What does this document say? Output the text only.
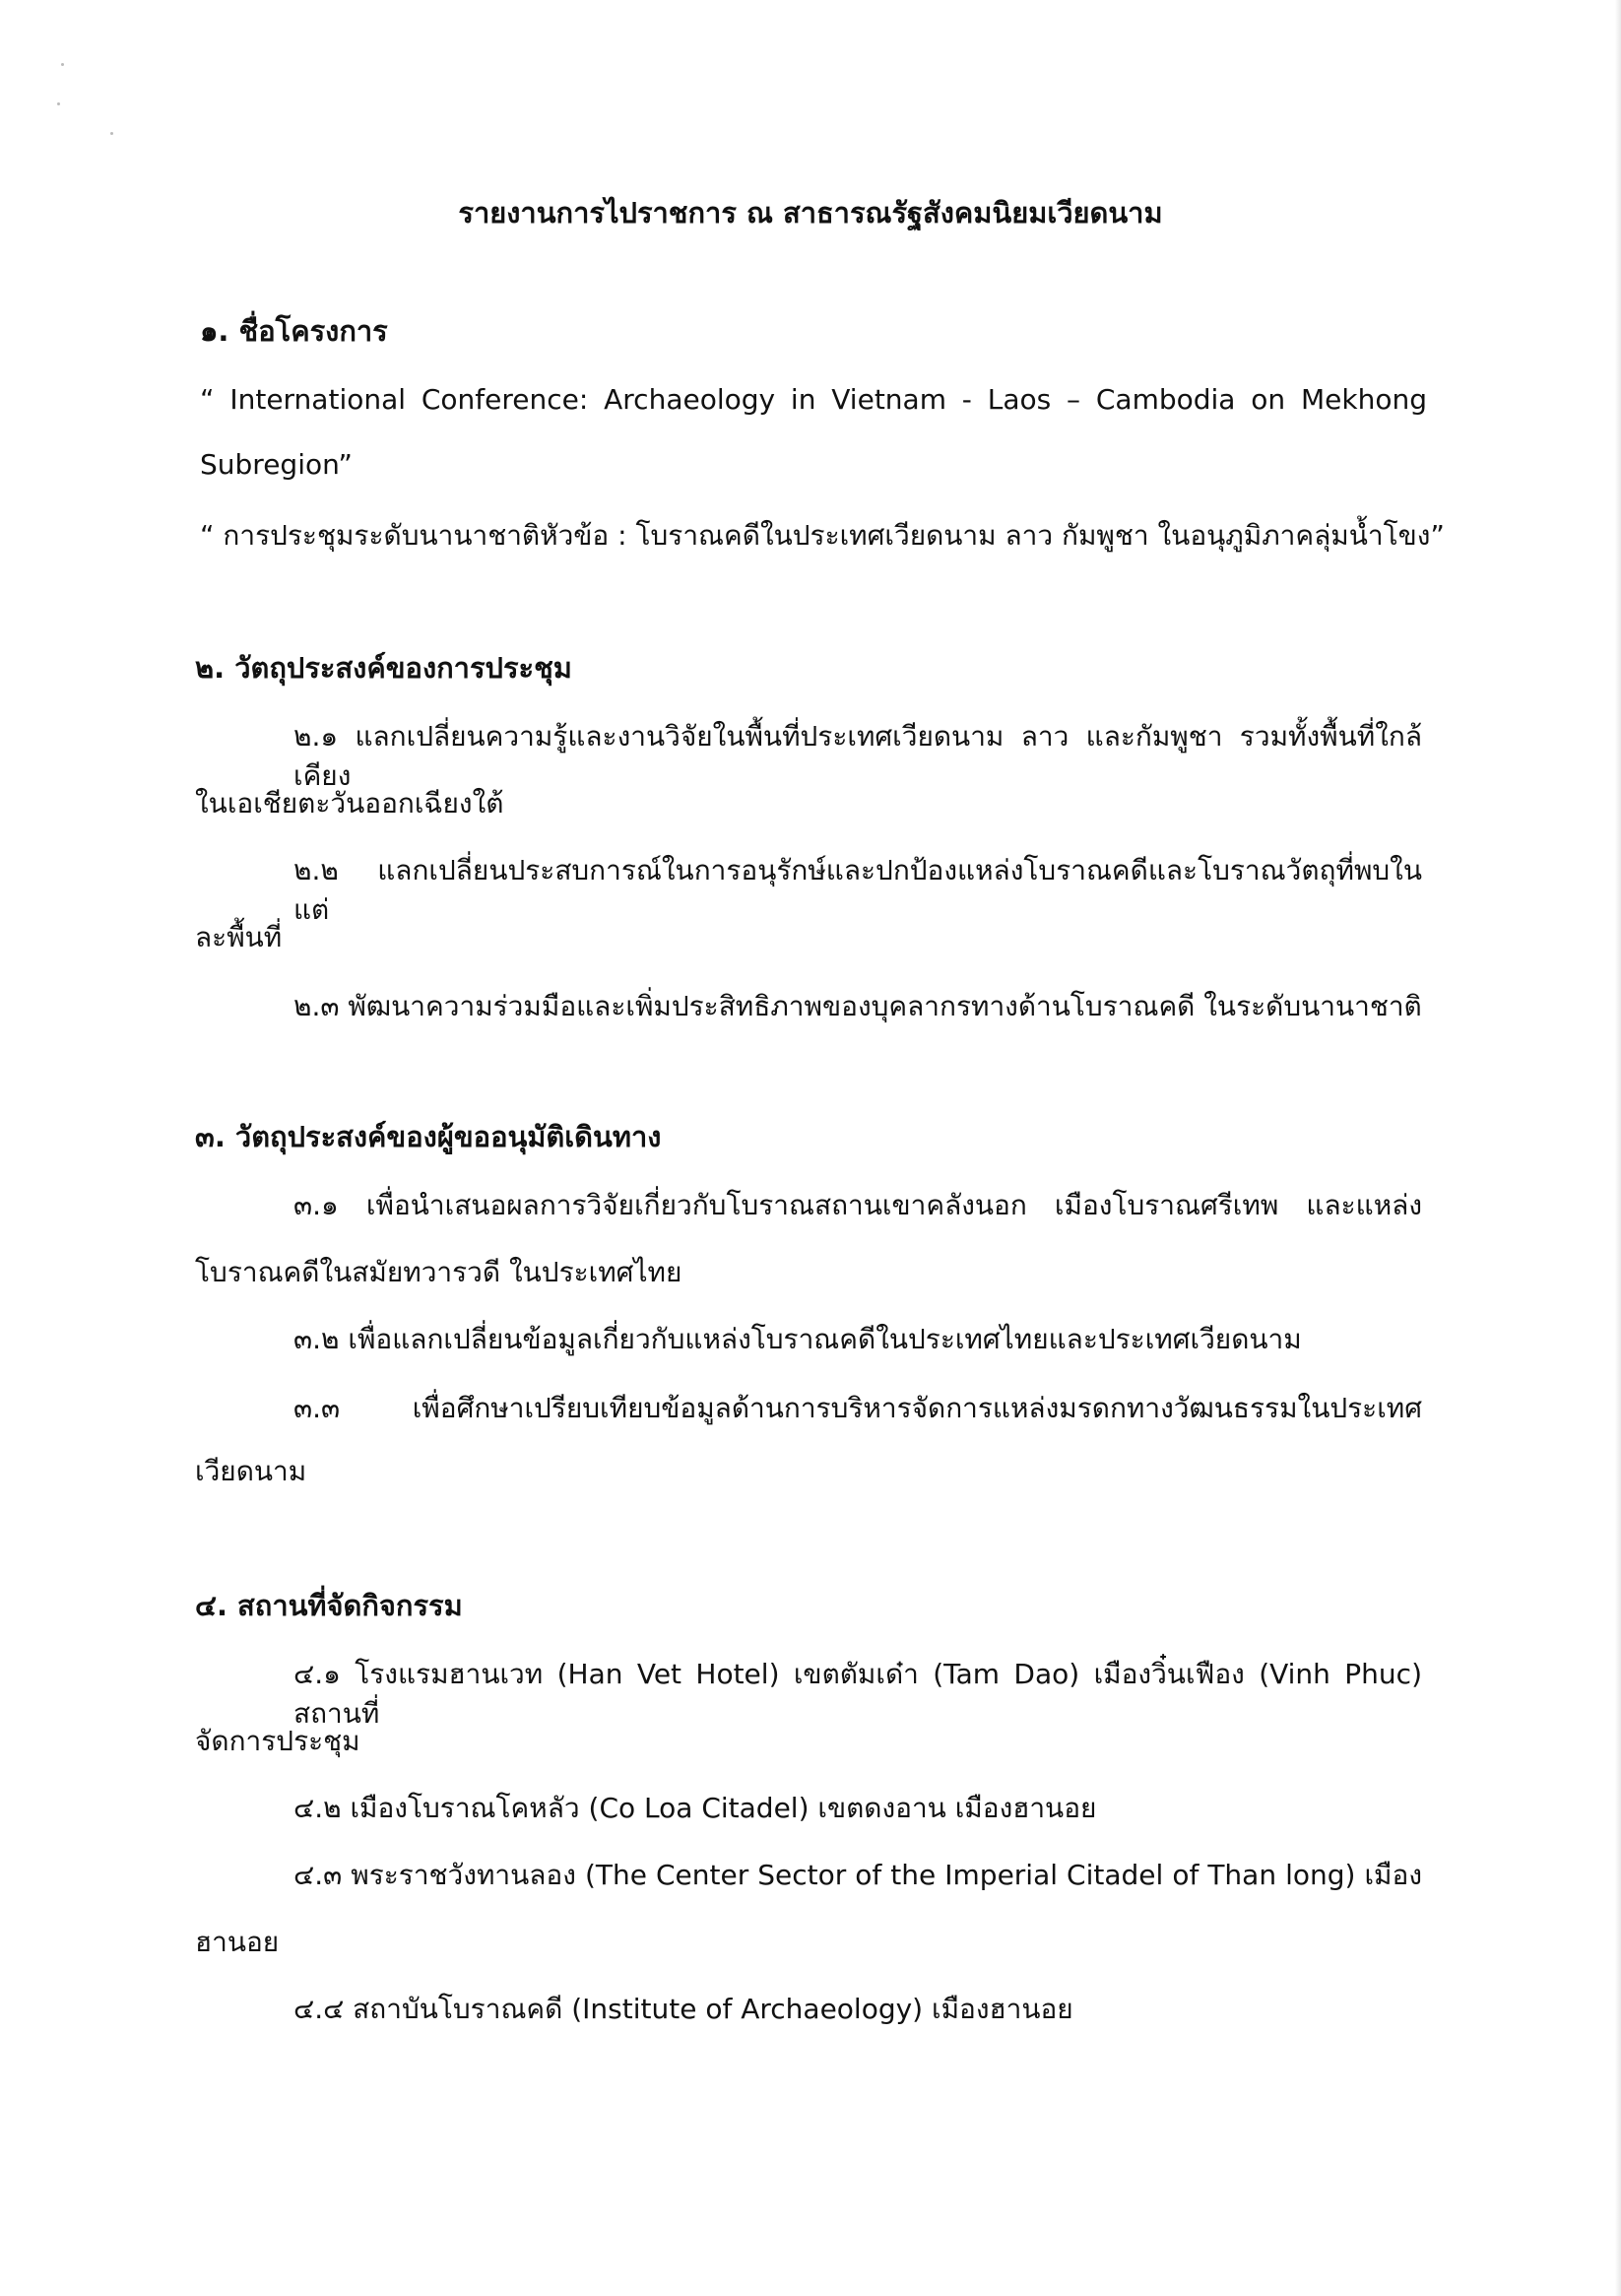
รายงานการไปราชการ ณ สาธารณรัฐสังคมนิยมเวียดนาม
๑. ชื่อโครงการ
“ International Conference: Archaeology in Vietnam - Laos – Cambodia on Mekhong
Subregion”
“ การประชุมระดับนานาชาติหัวข้อ : โบราณคดีในประเทศเวียดนาม ลาว กัมพูชา ในอนุภูมิภาคลุ่มน้ำโขง”
๒. วัตถุประสงค์ของการประชุม
๒.๑ แลกเปลี่ยนความรู้และงานวิจัยในพื้นที่ประเทศเวียดนาม ลาว และกัมพูชา รวมทั้งพื้นที่ใกล้เคียง
ในเอเชียตะวันออกเฉียงใต้
๒.๒ แลกเปลี่ยนประสบการณ์ในการอนุรักษ์และปกป้องแหล่งโบราณคดีและโบราณวัตถุที่พบในแต่
ละพื้นที่
๒.๓ พัฒนาความร่วมมือและเพิ่มประสิทธิภาพของบุคลากรทางด้านโบราณคดี ในระดับนานาชาติ
๓. วัตถุประสงค์ของผู้ขออนุมัติเดินทาง
๓.๑ เพื่อนำเสนอผลการวิจัยเกี่ยวกับโบราณสถานเขาคลังนอก เมืองโบราณศรีเทพ และแหล่ง
โบราณคดีในสมัยทวารวดี ในประเทศไทย
๓.๒ เพื่อแลกเปลี่ยนข้อมูลเกี่ยวกับแหล่งโบราณคดีในประเทศไทยและประเทศเวียดนาม
๓.๓ เพื่อศึกษาเปรียบเทียบข้อมูลด้านการบริหารจัดการแหล่งมรดกทางวัฒนธรรมในประเทศ
เวียดนาม
๔. สถานที่จัดกิจกรรม
๔.๑ โรงแรมฮานเวท (Han Vet Hotel) เขตตัมเด๋า (Tam Dao) เมืองวิ๋นเฟือง (Vinh Phuc) สถานที่
จัดการประชุม
๔.๒ เมืองโบราณโคหลัว (Co Loa Citadel) เขตดงอาน เมืองฮานอย
๔.๓ พระราชวังทานลอง (The Center Sector of the Imperial Citadel of Than long) เมือง
ฮานอย
๔.๔ สถาบันโบราณคดี (Institute of Archaeology) เมืองฮานอย
